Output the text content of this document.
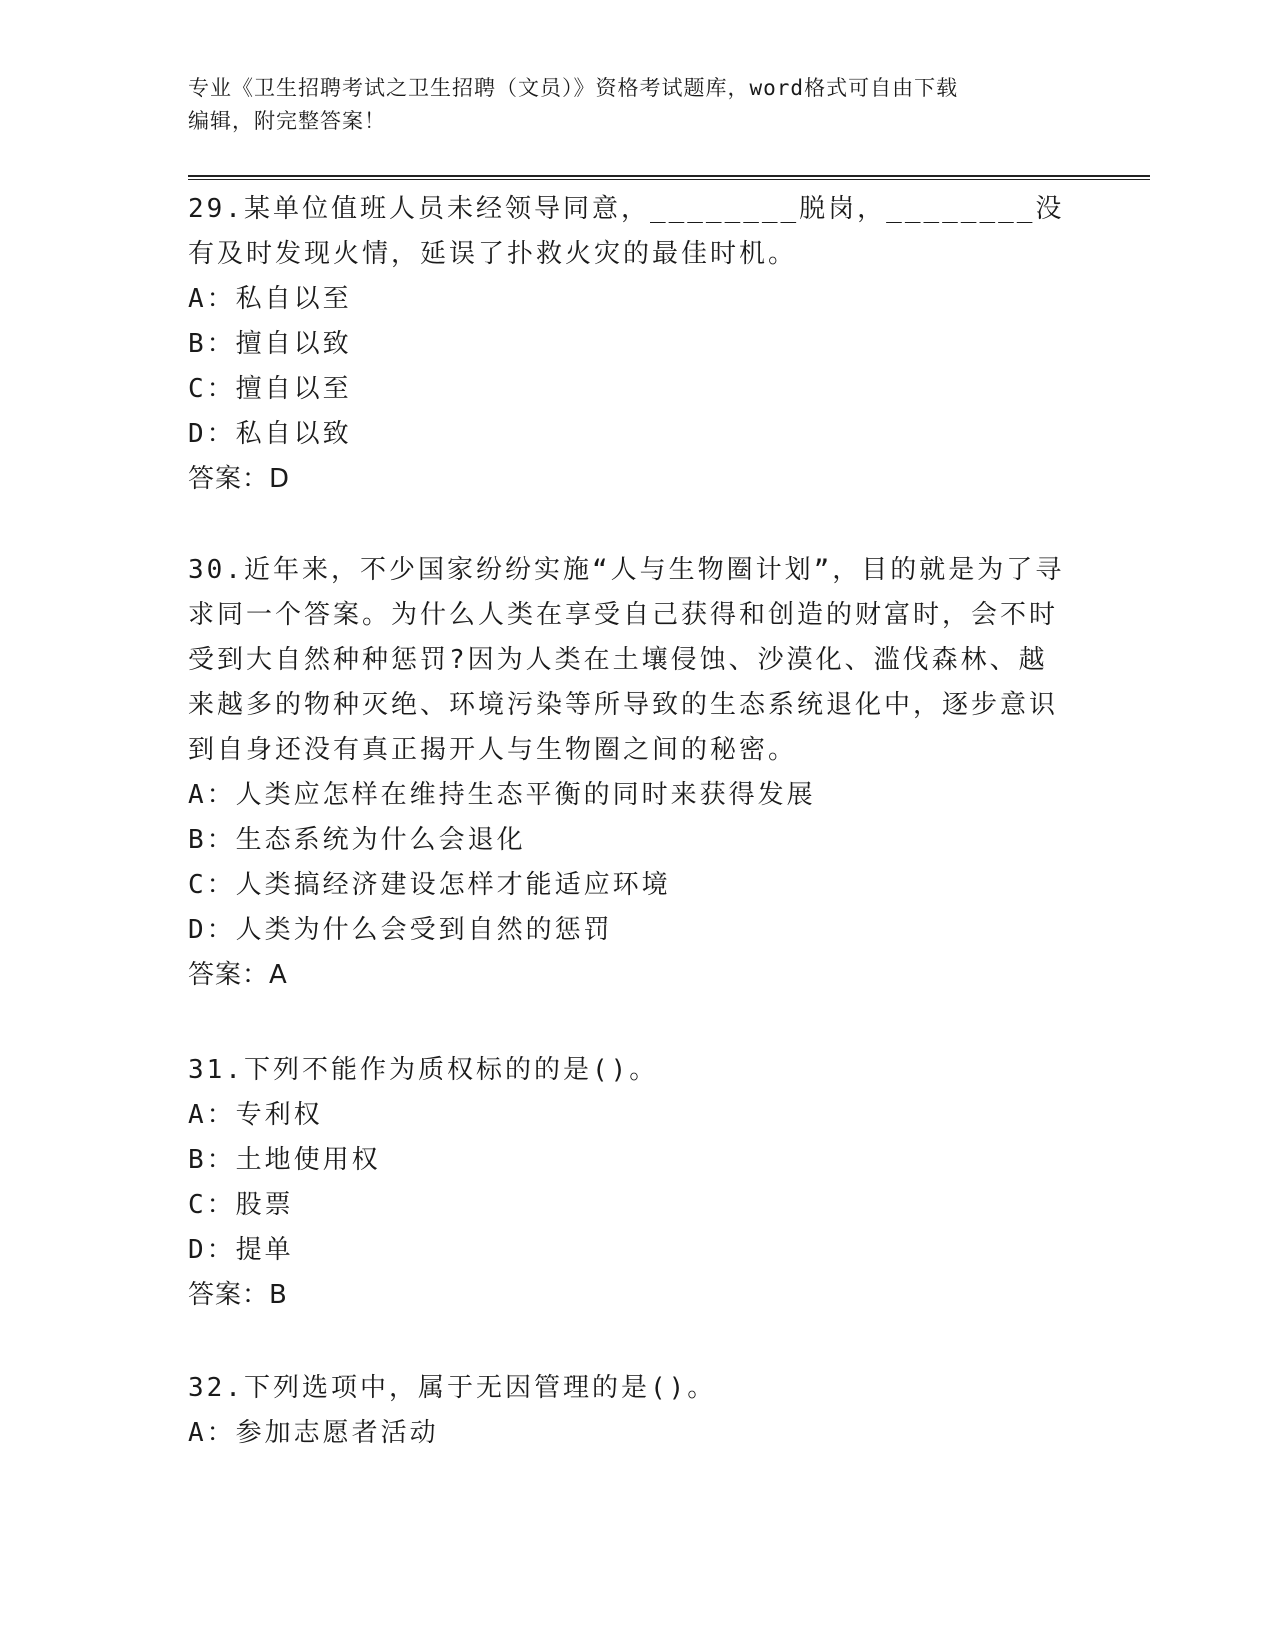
专业《卫生招聘考试之卫生招聘（文员）》资格考试题库，word格式可自由下载
编辑，附完整答案！

29.某单位值班人员未经领导同意，________脱岗，________没有及时发现火情，延误了扑救火灾的最佳时机。

A：私自以至

B：擅自以致

C：擅自以至

D：私自以致

答案：D

30.近年来，不少国家纷纷实施“人与生物圈计划”，目的就是为了寻求同一个答案。为什么人类在享受自己获得和创造的财富时，会不时受到大自然种种惩罚?因为人类在土壤侵蚀、沙漠化、滥伐森林、越来越多的物种灭绝、环境污染等所导致的生态系统退化中，逐步意识到自身还没有真正揭开人与生物圈之间的秘密。

A：人类应怎样在维持生态平衡的同时来获得发展

B：生态系统为什么会退化

C：人类搞经济建设怎样才能适应环境

D：人类为什么会受到自然的惩罚

答案：A

31.下列不能作为质权标的的是()。

A：专利权

B：土地使用权

C：股票

D：提单

答案：B

32.下列选项中，属于无因管理的是()。

A：参加志愿者活动
